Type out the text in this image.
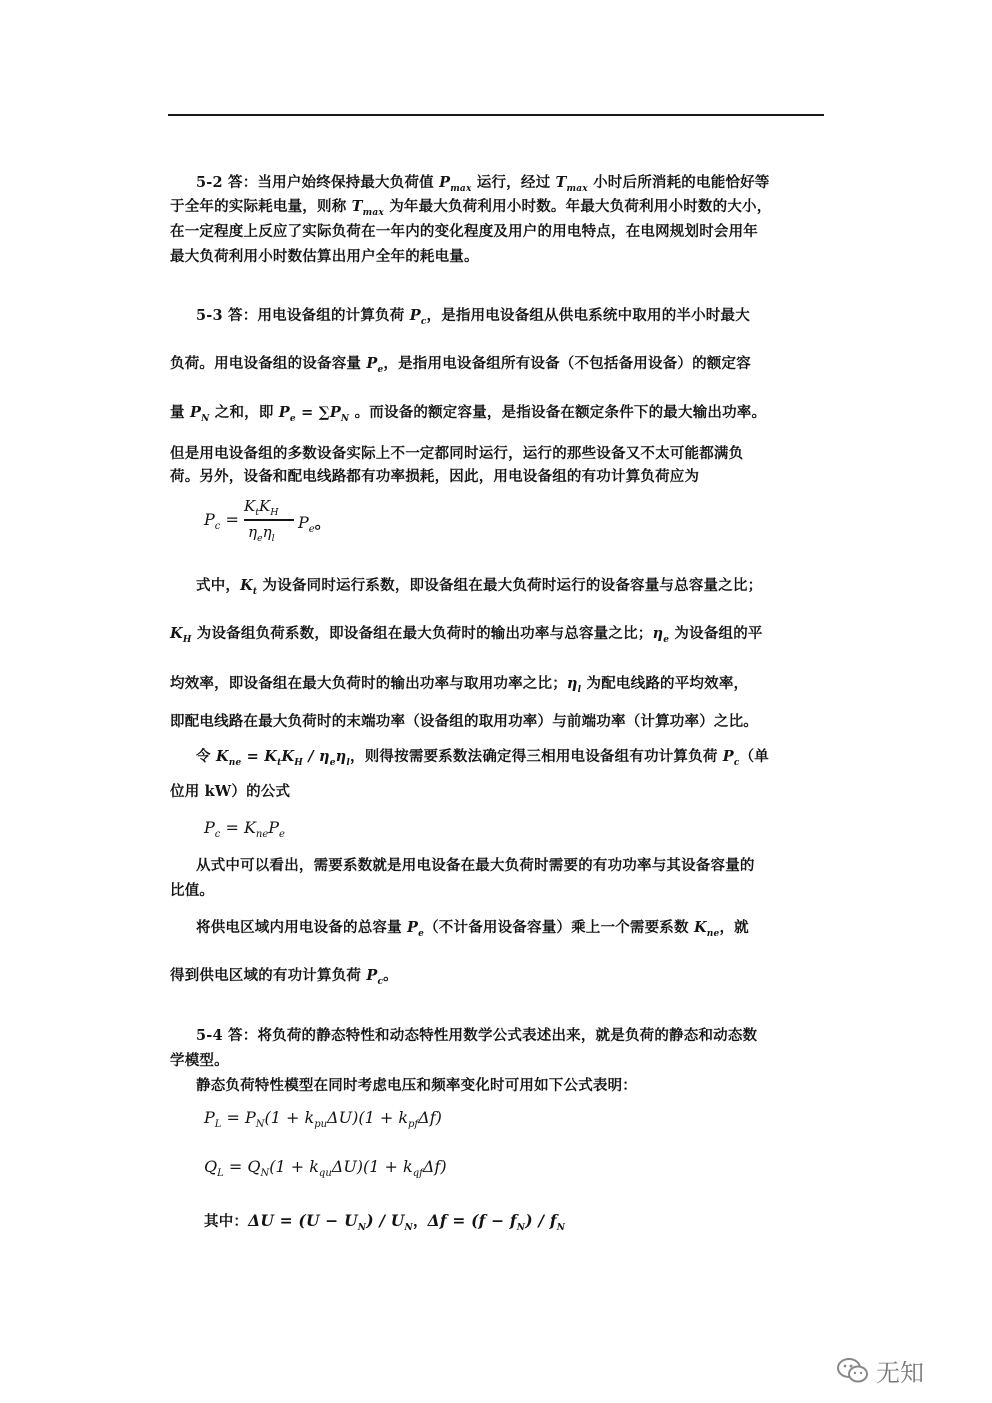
5-2 答：当用户始终保持最大负荷值 $P_{max}$ 运行，经过 $T_{max}$ 小时后所消耗的电能恰好等
于全年的实际耗电量，则称 $T_{max}$ 为年最大负荷利用小时数。年最大负荷利用小时数的大小，
在一定程度上反应了实际负荷在一年内的变化程度及用户的用电特点，在电网规划时会用年
最大负荷利用小时数估算出用户全年的耗电量。
5-3 答：用电设备组的计算负荷 $P_c$，是指用电设备组从供电系统中取用的半小时最大
负荷。用电设备组的设备容量 $P_e$，是指用电设备组所有设备（不包括备用设备）的额定容
量 $P_N$ 之和，即 $P_e = \sum P_N$ 。而设备的额定容量，是指设备在额定条件下的最大输出功率。
但是用电设备组的多数设备实际上不一定都同时运行，运行的那些设备又不太可能都满负
荷。另外，设备和配电线路都有功率损耗，因此，用电设备组的有功计算负荷应为
$P_c$ =
$K_tK_H$
$\eta_e\eta_l$
$P_e$。
式中，$K_t$ 为设备同时运行系数，即设备组在最大负荷时运行的设备容量与总容量之比；
$K_H$ 为设备组负荷系数，即设备组在最大负荷时的输出功率与总容量之比；$\eta_e$ 为设备组的平
均效率，即设备组在最大负荷时的输出功率与取用功率之比；$\eta_l$ 为配电线路的平均效率，
即配电线路在最大负荷时的末端功率（设备组的取用功率）与前端功率（计算功率）之比。
令 $K_{ne} = K_tK_H / \eta_e\eta_l$，则得按需要系数法确定得三相用电设备组有功计算负荷 $P_c$（单
位用 kW）的公式
$P_c = K_{ne}P_e$
从式中可以看出，需要系数就是用电设备在最大负荷时需要的有功功率与其设备容量的
比值。
将供电区域内用电设备的总容量 $P_e$（不计备用设备容量）乘上一个需要系数 $K_{ne}$，就
得到供电区域的有功计算负荷 $P_c$。
5-4 答：将负荷的静态特性和动态特性用数学公式表述出来，就是负荷的静态和动态数
学模型。
静态负荷特性模型在同时考虑电压和频率变化时可用如下公式表明：
$P_L = P_N(1 + k_{pu}\Delta U)(1 + k_{pf}\Delta f)$
$Q_L = Q_N(1 + k_{qu}\Delta U)(1 + k_{qf}\Delta f)$
其中：$\Delta U = (U - U_N) / U_N$，$\Delta f = (f - f_N) / f_N$
无知
